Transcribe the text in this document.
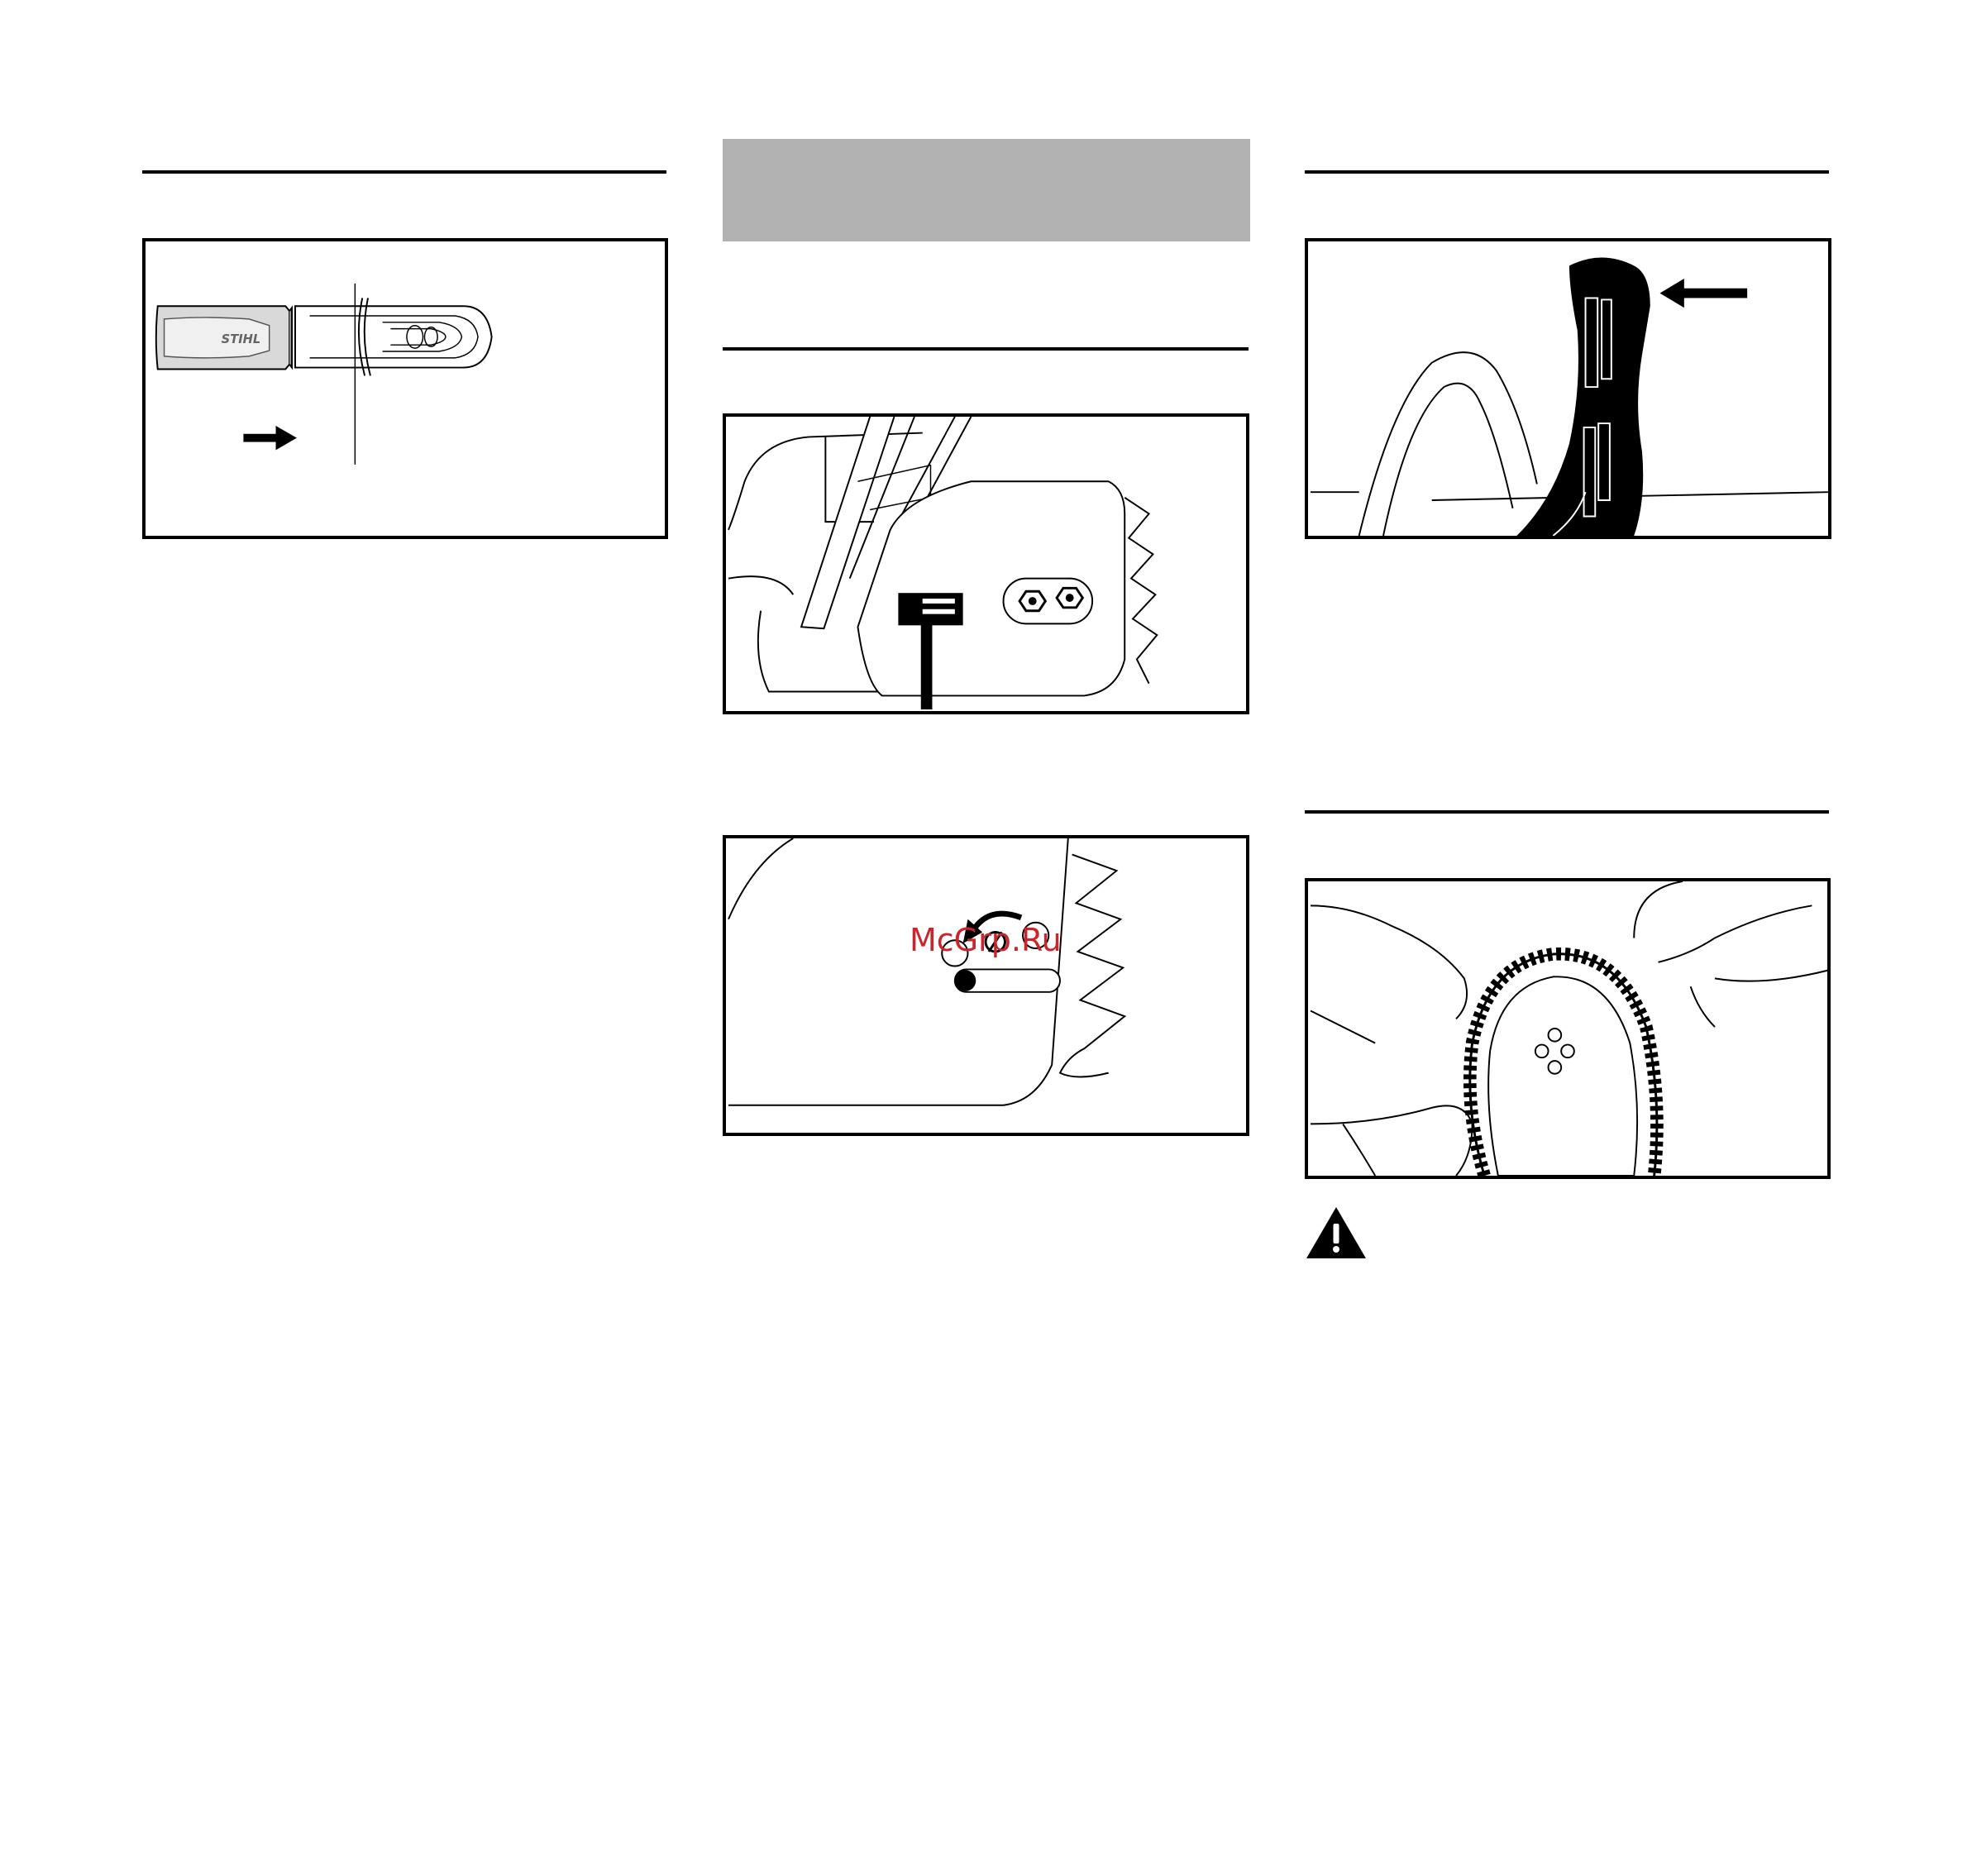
STIHL
McGrp.Ru
